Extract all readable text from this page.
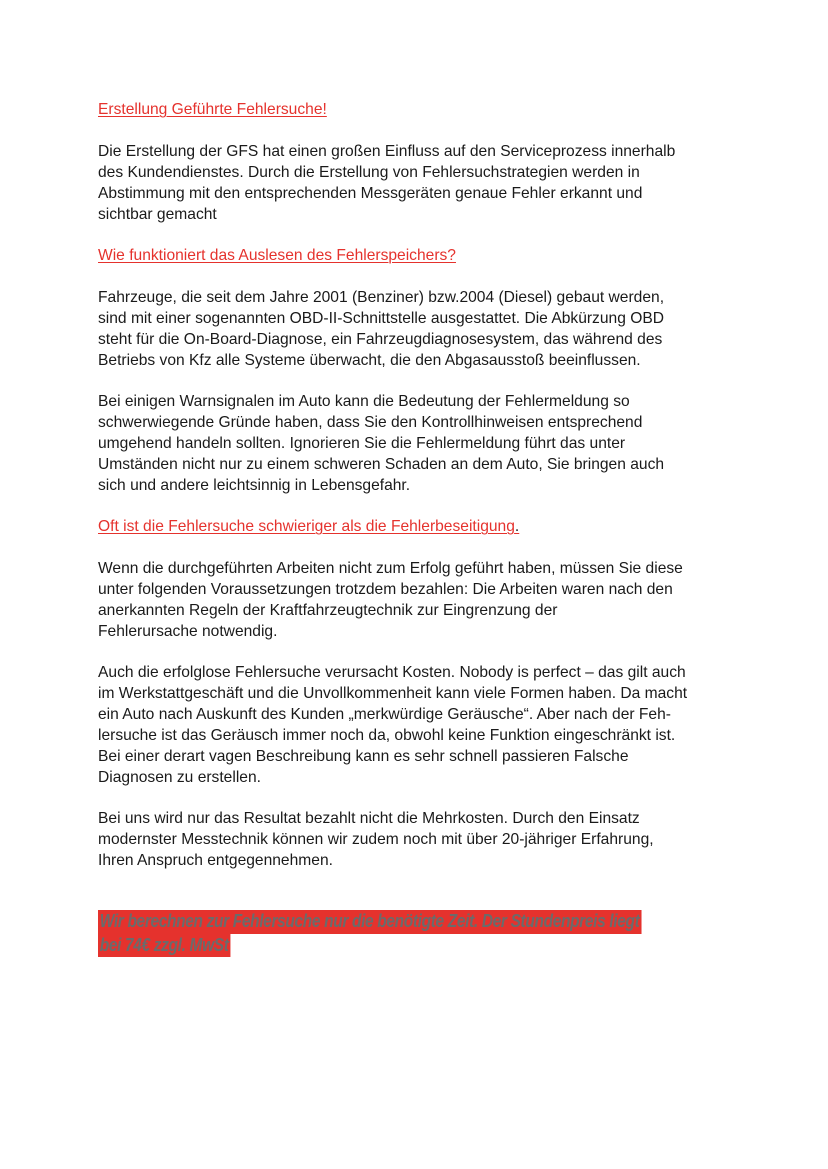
Erstellung Geführte Fehlersuche!
Die Erstellung der GFS hat einen großen Einfluss auf den Serviceprozess innerhalb
des Kundendienstes. Durch die Erstellung von Fehlersuchstrategien werden in
Abstimmung mit den entsprechenden Messgeräten genaue Fehler erkannt und
sichtbar gemacht
Wie funktioniert das Auslesen des Fehlerspeichers?
Fahrzeuge, die seit dem Jahre 2001 (Benziner) bzw.2004 (Diesel) gebaut werden,
sind mit einer sogenannten OBD-II-Schnittstelle ausgestattet. Die Abkürzung OBD
steht für die On-Board-Diagnose, ein Fahrzeugdiagnosesystem, das während des
Betriebs von Kfz alle Systeme überwacht, die den Abgasausstoß beeinflussen.
Bei einigen Warnsignalen im Auto kann die Bedeutung der Fehlermeldung so
schwerwiegende Gründe haben, dass Sie den Kontrollhinweisen entsprechend
umgehend handeln sollten. Ignorieren Sie die Fehlermeldung führt das unter
Umständen nicht nur zu einem schweren Schaden an dem Auto, Sie bringen auch
sich und andere leichtsinnig in Lebensgefahr.
Oft ist die Fehlersuche schwieriger als die Fehlerbeseitigung.
Wenn die durchgeführten Arbeiten nicht zum Erfolg geführt haben, müssen Sie diese
unter folgenden Voraussetzungen trotzdem bezahlen: Die Arbeiten waren nach den
anerkannten Regeln der Kraftfahrzeugtechnik zur Eingrenzung der
Fehlerursache notwendig.
Auch die erfolglose Fehlersuche verursacht Kosten. Nobody is perfect – das gilt auch
im Werkstattgeschäft und die Unvollkommenheit kann viele Formen haben. Da macht
ein Auto nach Auskunft des Kunden „merkwürdige Geräusche“. Aber nach der Feh-
lersuche ist das Geräusch immer noch da, obwohl keine Funktion eingeschränkt ist.
Bei einer derart vagen Beschreibung kann es sehr schnell passieren Falsche
Diagnosen zu erstellen.
Bei uns wird nur das Resultat bezahlt nicht die Mehrkosten. Durch den Einsatz
modernster Messtechnik können wir zudem noch mit über 20-jähriger Erfahrung,
Ihren Anspruch entgegennehmen.
Wir berechnen zur Fehlersuche nur die benötigte Zeit. Der Stundenpreis liegt
bei 74€ zzgl. MwSt
